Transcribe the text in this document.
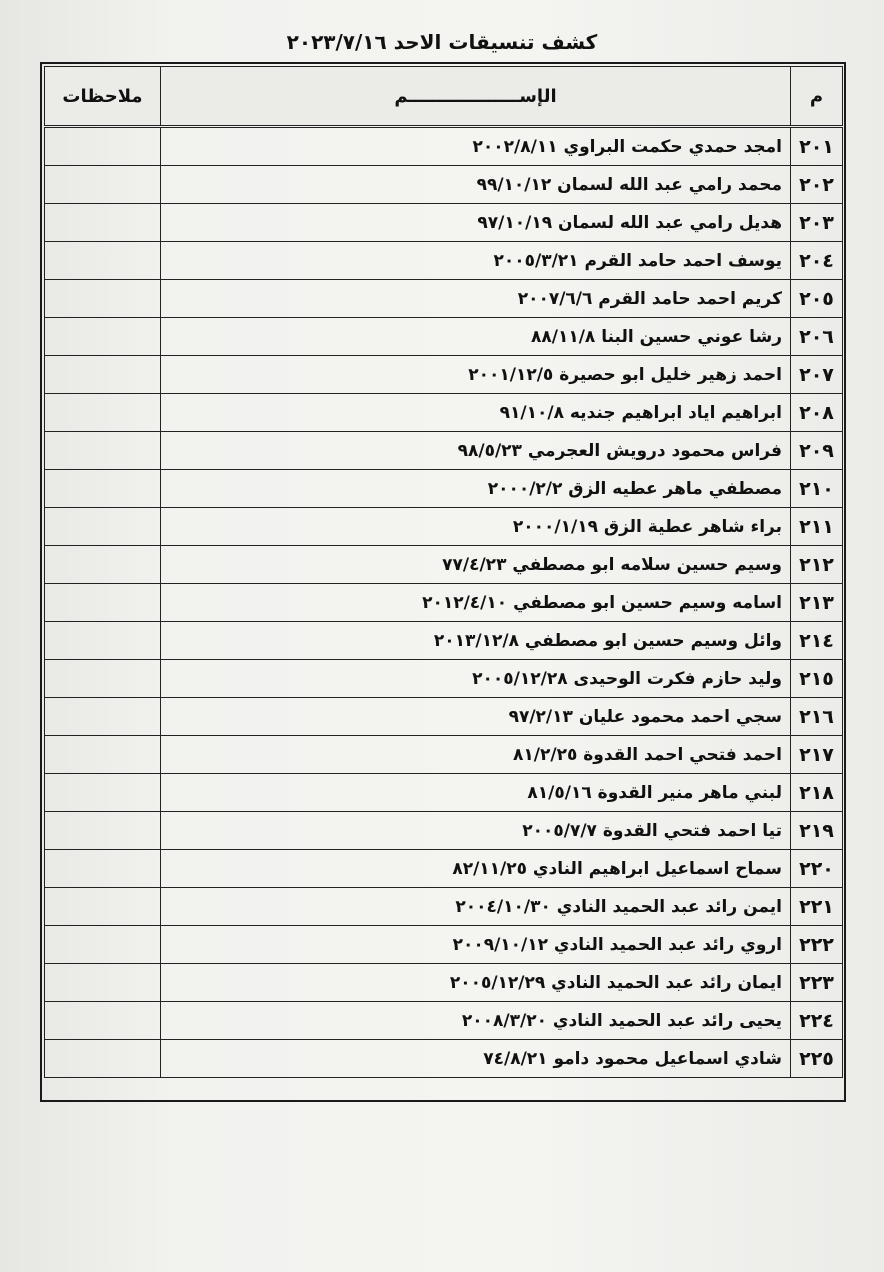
كشف تنسيقات الاحد ٢٠٢٣/٧/١٦
م	الإســــــــــــــــــم	ملاحظات
٢٠١	امجد حمدي حكمت البراوي ٢٠٠٢/٨/١١	
٢٠٢	محمد رامي عبد الله لسمان ٩٩/١٠/١٢	
٢٠٣	هديل رامي عبد الله لسمان ٩٧/١٠/١٩	
٢٠٤	يوسف احمد حامد القرم ٢٠٠٥/٣/٢١	
٢٠٥	كريم احمد حامد القرم ٢٠٠٧/٦/٦	
٢٠٦	رشا عوني حسين البنا ٨٨/١١/٨	
٢٠٧	احمد زهير خليل ابو حصيرة ٢٠٠١/١٢/٥	
٢٠٨	ابراهيم اياد ابراهيم جنديه ٩١/١٠/٨	
٢٠٩	فراس محمود درويش العجرمي ٩٨/٥/٢٣	
٢١٠	مصطفي ماهر عطيه الزق ٢٠٠٠/٢/٢	
٢١١	براء شاهر عطية الزق ٢٠٠٠/١/١٩	
٢١٢	وسيم حسين سلامه ابو مصطفي ٧٧/٤/٢٣	
٢١٣	اسامه وسيم حسين ابو مصطفي ٢٠١٢/٤/١٠	
٢١٤	وائل وسيم حسين ابو مصطفي ٢٠١٣/١٢/٨	
٢١٥	وليد حازم فكرت الوحيدى ٢٠٠٥/١٢/٢٨	
٢١٦	سجي احمد محمود عليان ٩٧/٢/١٣	
٢١٧	احمد فتحي احمد القدوة ٨١/٢/٢٥	
٢١٨	لبني ماهر منير القدوة ٨١/٥/١٦	
٢١٩	تيا احمد فتحي القدوة ٢٠٠٥/٧/٧	
٢٢٠	سماح اسماعيل ابراهيم النادي ٨٢/١١/٢٥	
٢٢١	ايمن رائد عبد الحميد النادي ٢٠٠٤/١٠/٣٠	
٢٢٢	اروي رائد عبد الحميد النادي ٢٠٠٩/١٠/١٢	
٢٢٣	ايمان رائد عبد الحميد النادي ٢٠٠٥/١٢/٢٩	
٢٢٤	يحيى رائد عبد الحميد النادي ٢٠٠٨/٣/٢٠	
٢٢٥	شادي اسماعيل محمود دامو ٧٤/٨/٢١	
